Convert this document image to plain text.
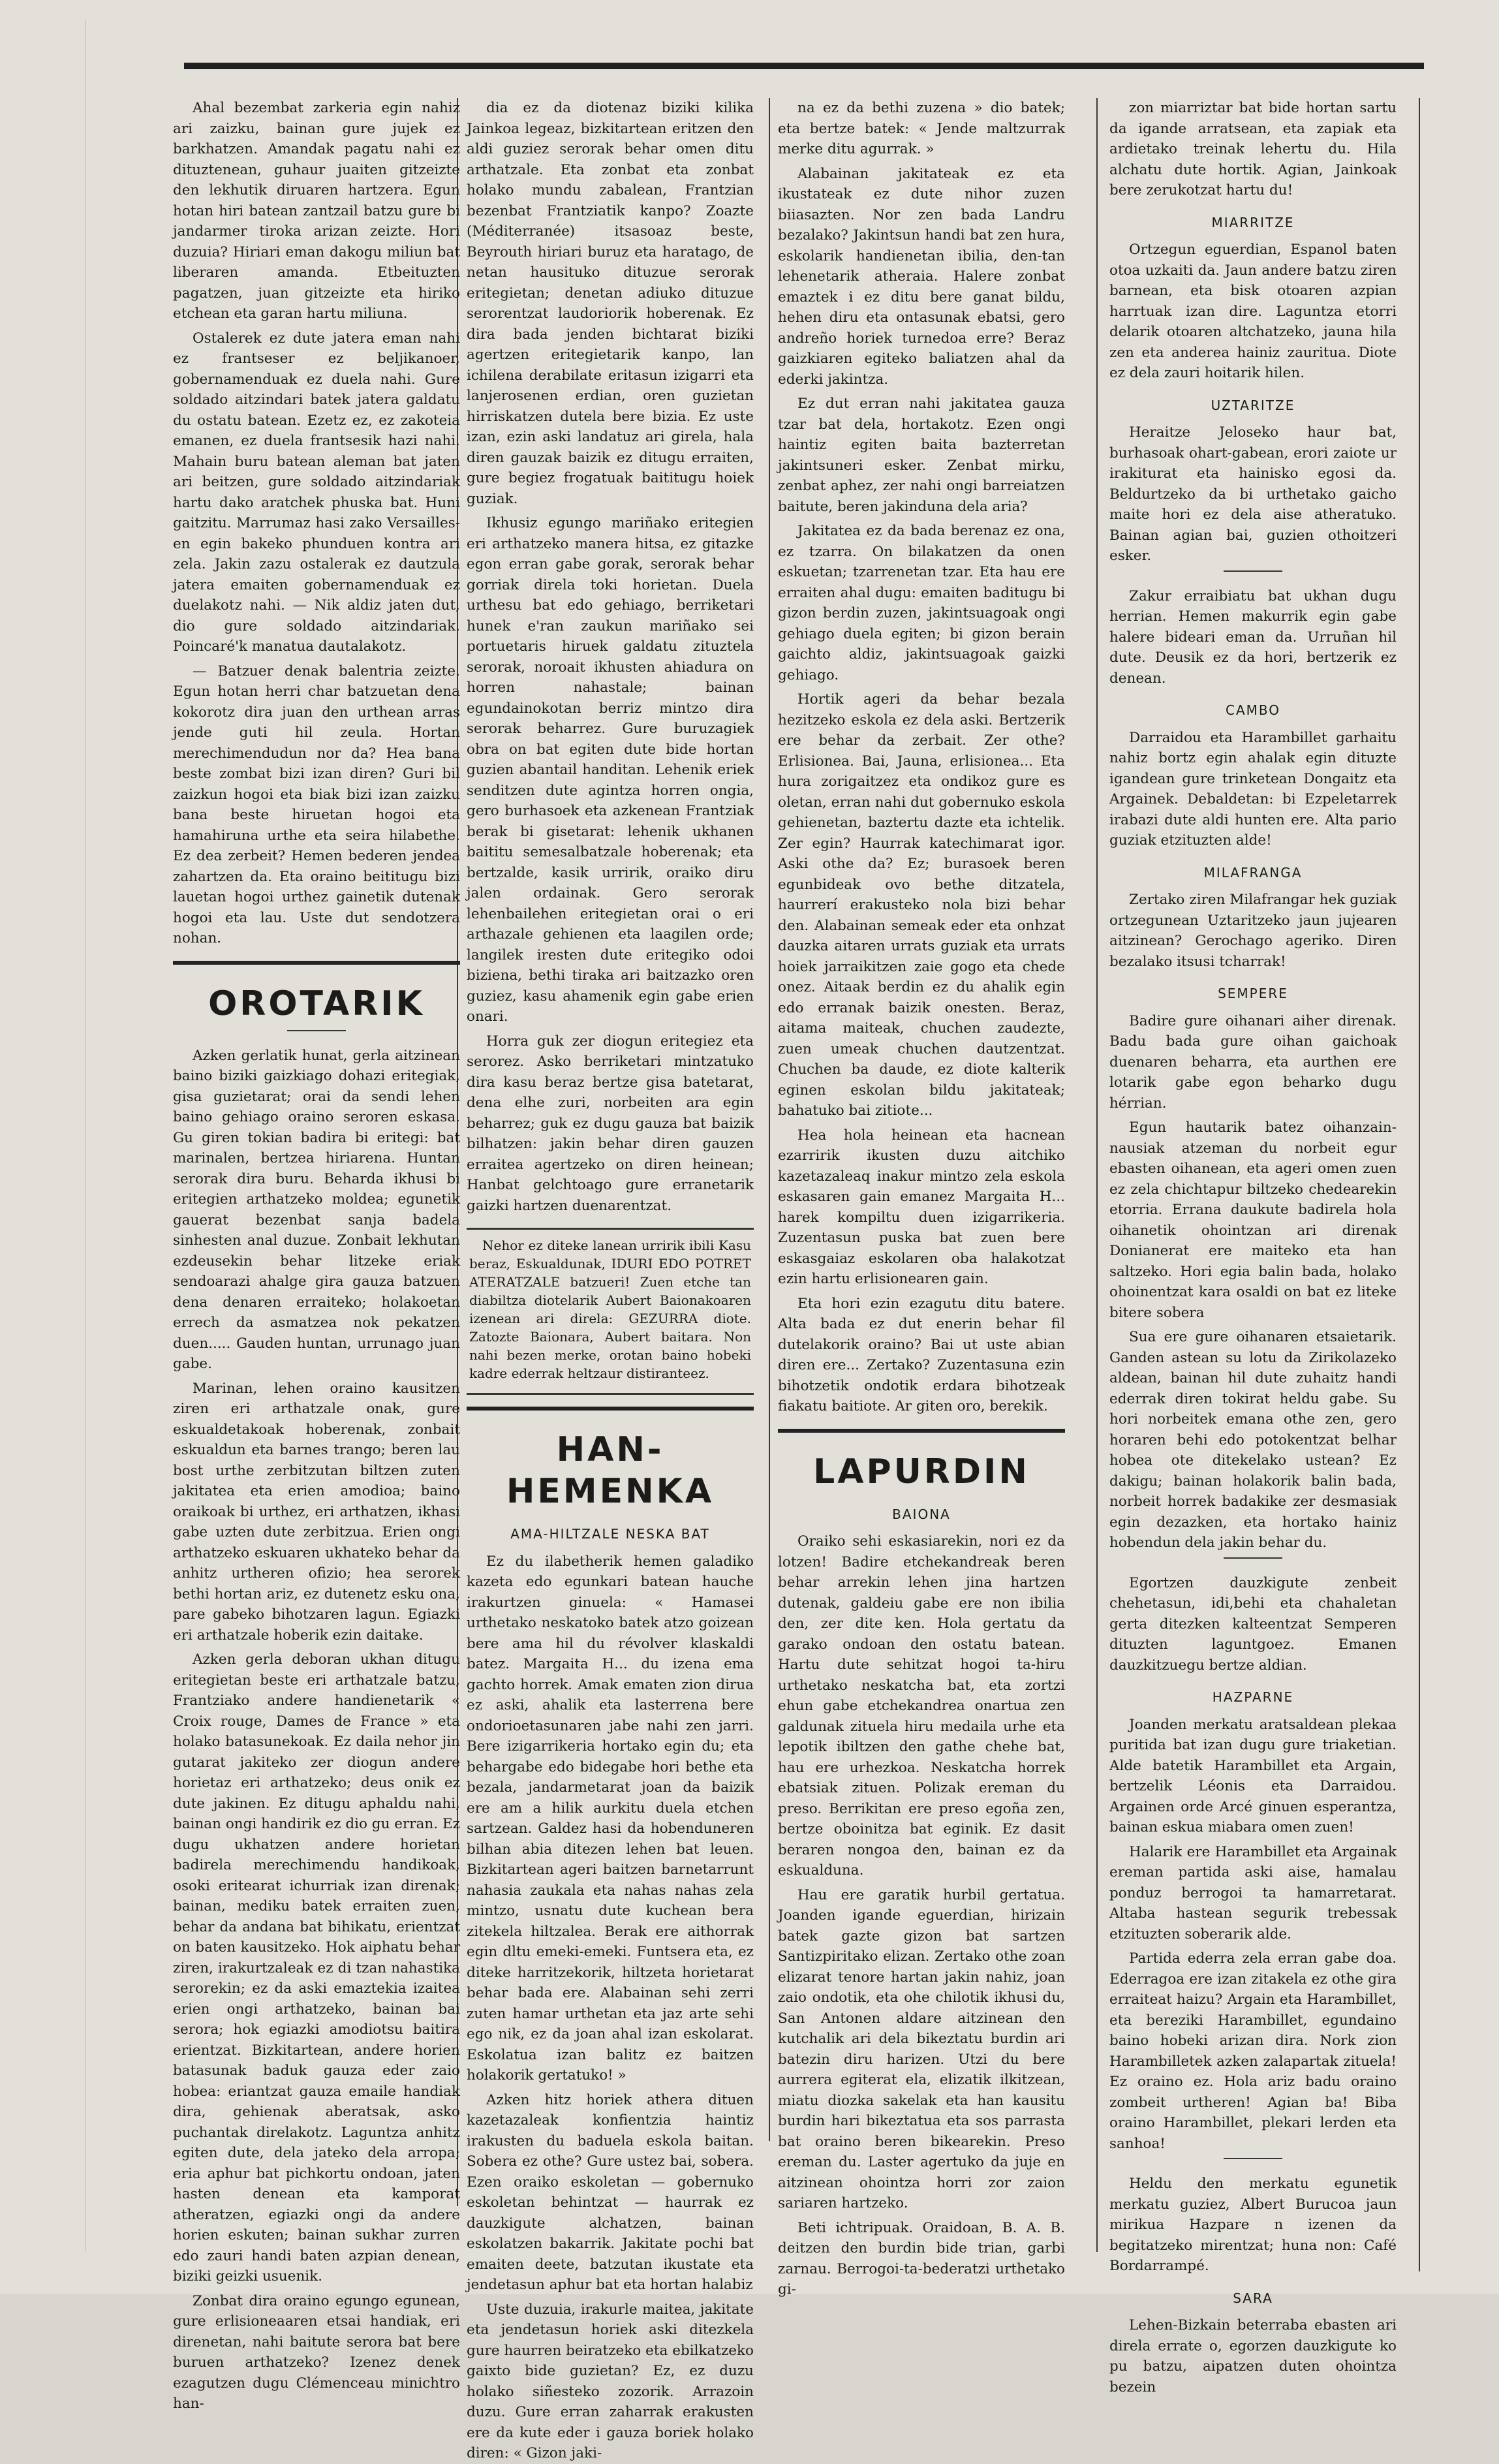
Ahal bezembat zarkeria egin nahiz ari zaizku, bainan gure jujek ez barkhatzen. Amandak pagatu nahi ez dituztenean, guhaur juaiten gitzeizte den lekhutik diruaren hartzera. Egun hotan hiri batean zantzail batzu gure bi jandarmer tiroka arizan zeizte. Hori duzuia? Hiriari eman dakogu miliun bat liberaren amanda. Etbeituzten pagatzen, juan gitzeizte eta hiriko etchean eta garan hartu miliuna.

Ostalerek ez dute jatera eman nahi ez frantseser ez beljikanoer, gobernamenduak ez duela nahi. Gure soldado aitzindari batek jatera galdatu du ostatu batean. Ezetz ez, ez zakoteia emanen, ez duela frantsesik hazi nahi. Mahain buru batean aleman bat jaten ari beitzen, gure soldado aitzindariak hartu dako aratchek phuska bat. Huni gaitzitu. Marrumaz hasi zako Versailles-en egin bakeko phunduen kontra ari zela. Jakin zazu ostalerak ez dautzula jatera emaiten gobernamenduak ez duelakotz nahi. — Nik aldiz jaten dut, dio gure soldado aitzindariak. Poincaré'k manatua dautalakotz.

— Batzuer denak balentria zeizte. Egun hotan herri char batzuetan dena kokorotz dira juan den urthean arras jende guti hil zeula. Hortan merechimendudun nor da? Hea bana beste zombat bizi izan diren? Guri bil zaizkun hogoi eta biak bizi izan zaizku bana beste hiruetan hogoi eta hamahiruna urthe eta seira hilabethe. Ez dea zerbeit? Hemen bederen jendea zahartzen da. Eta oraino beititugu bizi lauetan hogoi urthez gainetik dutenak hogoi eta lau. Uste dut sendotzera nohan.

OROTARIK

Azken gerlatik hunat, gerla aitzinean baino biziki gaizkiago dohazi eritegiak, gisa guzietarat; orai da sendi lehen baino gehiago oraino seroren eskasa. Gu giren tokian badira bi eritegi: bat marinalen, bertzea hiriarena. Huntan serorak dira buru. Beharda ikhusi bi eritegien arthatzeko moldea; egunetik gauerat bezenbat sanja badela sinhesten anal duzue. Zonbait lekhutan ezdeusekin behar litzeke eriak sendoarazi ahalge gira gauza batzuen dena denaren erraiteko; holakoetan errech da asmatzea nok pekatzen duen..... Gauden huntan, urrunago juan gabe.

Marinan, lehen oraino kausitzen ziren eri arthatzale onak, gure eskualdetakoak hoberenak, zonbait eskualdun eta barnes trango; beren lau bost urthe zerbitzutan biltzen zuten jakitatea eta erien amodioa; baino oraikoak bi urthez, eri arthatzen, ikhasi gabe uzten dute zerbitzua. Erien ongi arthatzeko eskuaren ukhateko behar da anhitz urtheren ofizio; hea serorek bethi hortan ariz, ez dutenetz esku ona, pare gabeko bihotzaren lagun. Egiazki eri arthatzale hoberik ezin daitake.

Azken gerla deboran ukhan ditugu eritegietan beste eri arthatzale batzu, Frantziako andere handienetarik « Croix rouge, Dames de France » eta holako batasunekoak. Ez daila nehor jin gutarat jakiteko zer diogun andere horietaz eri arthatzeko; deus onik ez dute jakinen. Ez ditugu aphaldu nahi, bainan ongi handirik ez dio gu erran. Ez dugu ukhatzen andere horietan badirela merechimendu handikoak, osoki eritearat ichurriak izan direnak; bainan, mediku batek erraiten zuen, behar da andana bat bihikatu, erientzat on baten kausitzeko. Hok aiphatu behar ziren, irakurtzaleak ez di tzan nahastika serorekin; ez da aski emaztekia izaitea erien ongi arthatzeko, bainan bai serora; hok egiazki amodiotsu baitira erientzat. Bizkitartean, andere horien batasunak baduk gauza eder zaio hobea: eriantzat gauza emaile handiak dira, gehienak aberatsak, asko puchantak direlakotz. Laguntza anhitz egiten dute, dela jateko dela arropa; eria aphur bat pichkortu ondoan, jaten hasten denean eta kamporat atheratzen, egiazki ongi da andere horien eskuten; bainan sukhar zurren edo zauri handi baten azpian denean, biziki geizki usuenik.

Zonbat dira oraino egungo egunean, gure erlisioneaaren etsai handiak, eri direnetan, nahi baitute serora bat bere buruen arthatzeko? Izenez denek ezagutzen dugu Clémenceau minichtro han-

dia ez da diotenaz biziki kilika Jainkoa legeaz, bizkitartean eritzen den aldi guziez serorak behar omen ditu arthatzale. Eta zonbat eta zonbat holako mundu zabalean, Frantzian bezenbat Frantziatik kanpo? Zoazte (Méditerranée) itsasoaz beste, Beyrouth hiriari buruz eta haratago, de netan hausituko dituzue serorak eritegietan; denetan adiuko dituzue serorentzat laudoriorik hoberenak. Ez dira bada jenden bichtarat biziki agertzen eritegietarik kanpo, lan ichilena derabilate eritasun izigarri eta lanjerosenen erdian, oren guzietan hirriskatzen dutela bere bizia. Ez uste izan, ezin aski landatuz ari girela, hala diren gauzak baizik ez ditugu erraiten, gure begiez frogatuak baititugu hoiek guziak.

Ikhusiz egungo mariñako eritegien eri arthatzeko manera hitsa, ez gitazke egon erran gabe gorak, serorak behar gorriak direla toki horietan. Duela urthesu bat edo gehiago, berriketari hunek e'ran zaukun mariñako sei portuetaris hiruek galdatu zituztela serorak, noroait ikhusten ahiadura on horren nahastale; bainan egundainokotan berriz mintzo dira serorak beharrez. Gure buruzagiek obra on bat egiten dute bide hortan guzien abantail handitan. Lehenik eriek senditzen dute agintza horren ongia, gero burhasoek eta azkenean Frantziak berak bi gisetarat: lehenik ukhanen baititu semesalbatzale hoberenak; eta bertzalde, kasik urririk, oraiko diru jalen ordainak. Gero serorak lehenbailehen eritegietan orai o eri arthazale gehienen eta laagilen orde; langilek iresten dute eritegiko odoi biziena, bethi tiraka ari baitzazko oren guziez, kasu ahamenik egin gabe erien onari.

Horra guk zer diogun eritegiez eta serorez. Asko berriketari mintzatuko dira kasu beraz bertze gisa batetarat, dena elhe zuri, norbeiten ara egin beharrez; guk ez dugu gauza bat baizik bilhatzen: jakin behar diren gauzen erraitea agertzeko on diren heinean; Hanbat gelchtoago gure erranetarik gaizki hartzen duenarentzat.

Nehor ez diteke lanean urririk ibili Kasu beraz, Eskualdunak, IDURI EDO POTRET ATERATZALE batzueri! Zuen etche tan diabiltza diotelarik Aubert Baionakoaren izenean ari direla: GEZURRA diote. Zatozte Baionara, Aubert baitara. Non nahi bezen merke, orotan baino hobeki kadre ederrak heltzaur distiranteez.

HAN-HEMENKA
AMA-HILTZALE NESKA BAT

Ez du ilabetherik hemen galadiko kazeta edo egunkari batean hauche irakurtzen ginuela: « Hamasei urthetako neskatoko batek atzo goizean bere ama hil du révolver klaskaldi batez. Margaita H... du izena ema gachto horrek. Amak ematen zion dirua ez aski, ahalik eta lasterrena bere ondorioetasunaren jabe nahi zen jarri. Bere izigarrikeria hortako egin du; eta behargabe edo bidegabe hori bethe eta bezala, jandarmetarat joan da baizik ere am a hilik aurkitu duela etchen sartzean. Galdez hasi da hobenduneren bilhan abia ditezen lehen bat leuen. Bizkitartean ageri baitzen barnetarrunt nahasia zaukala eta nahas nahas zela mintzo, usnatu dute kuchean bera zitekela hiltzalea. Berak ere aithorrak egin dltu emeki-emeki. Funtsera eta, ez diteke harritzekorik, hiltzeta horietarat behar bada ere. Alabainan sehi zerri zuten hamar urthetan eta jaz arte sehi ego nik, ez da joan ahal izan eskolarat. Eskolatua izan balitz ez baitzen holakorik gertatuko! »

Azken hitz horiek athera dituen kazetazaleak konfientzia haintiz irakusten du baduela eskola baitan. Sobera ez othe? Gure ustez bai, sobera. Ezen oraiko eskoletan — gobernuko eskoletan behintzat — haurrak ez dauzkigute alchatzen, bainan eskolatzen bakarrik. Jakitate pochi bat emaiten deete, batzutan ikustate eta jendetasun aphur bat eta hortan halabiz

Uste duzuia, irakurle maitea, jakitate eta jendetasun horiek aski ditezkela gure haurren beiratzeko eta ebilkatzeko gaixto bide guzietan? Ez, ez duzu holako siñesteko zozorik. Arrazoin duzu. Gure erran zaharrak erakusten ere da kute eder i gauza boriek holako diren: « Gizon jaki-

na ez da bethi zuzena » dio batek; eta bertze batek: « Jende maltzurrak merke ditu agurrak. »

Alabainan jakitateak ez eta ikustateak ez dute nihor zuzen biiasazten. Nor zen bada Landru bezalako? Jakintsun handi bat zen hura, eskolarik handienetan ibilia, den-tan lehenetarik atheraia. Halere zonbat emaztek i ez ditu bere ganat bildu, hehen diru eta ontasunak ebatsi, gero andreño horiek turnedoa erre? Beraz gaizkiaren egiteko baliatzen ahal da ederki jakintza.

Ez dut erran nahi jakitatea gauza tzar bat dela, hortakotz. Ezen ongi haintiz egiten baita bazterretan jakintsuneri esker. Zenbat mirku, zenbat aphez, zer nahi ongi barreiatzen baitute, beren jakinduna dela aria?

Jakitatea ez da bada berenaz ez ona, ez tzarra. On bilakatzen da onen eskuetan; tzarrenetan tzar. Eta hau ere erraiten ahal dugu: emaiten baditugu bi gizon berdin zuzen, jakintsuagoak ongi gehiago duela egiten; bi gizon berain gaichto aldiz, jakintsuagoak gaizki gehiago.

Hortik ageri da behar bezala hezitzeko eskola ez dela aski. Bertzerik ere behar da zerbait. Zer othe? Erlisionea. Bai, Jauna, erlisionea... Eta hura zorigaitzez eta ondikoz gure es oletan, erran nahi dut gobernuko eskola gehienetan, baztertu dazte eta ichtelik. Zer egin? Haurrak katechimarat igor. Aski othe da? Ez; burasoek beren egunbideak ovo bethe ditzatela, haurrerí erakusteko nola bizi behar den. Alabainan semeak eder eta onhzat dauzka aitaren urrats guziak eta urrats hoiek jarraikitzen zaie gogo eta chede onez. Aitaak berdin ez du ahalik egin edo erranak baizik onesten. Beraz, aitama maiteak, chuchen zaudezte, zuen umeak chuchen dautzentzat. Chuchen ba daude, ez diote kalterik eginen eskolan bildu jakitateak; bahatuko bai zitiote...

Hea hola heinean eta hacnean ezarririk ikusten duzu aitchiko kazetazaleaq inakur mintzo zela eskola eskasaren gain emanez Margaita H... harek kompiltu duen izigarrikeria. Zuzentasun puska bat zuen bere eskasgaiaz eskolaren oba halakotzat ezin hartu erlisionearen gain.

Eta hori ezin ezagutu ditu batere. Alta bada ez dut enerin behar fil dutelakorik oraino? Bai ut uste abian diren ere... Zertako? Zuzentasuna ezin bihotzetik ondotik erdara bihotzeak fiakatu baitiote. Ar giten oro, berekik.

LAPURDIN
BAIONA

Oraiko sehi eskasiarekin, nori ez da lotzen! Badire etchekandreak beren behar arrekin lehen jina hartzen dutenak, galdeiu gabe ere non ibilia den, zer dite ken. Hola gertatu da garako ondoan den ostatu batean. Hartu dute sehitzat hogoi ta-hiru urthetako neskatcha bat, eta zortzi ehun gabe etchekandrea onartua zen galdunak zituela hiru medaila urhe eta lepotik ibiltzen den gathe chehe bat, hau ere urhezkoa. Neskatcha horrek ebatsiak zituen. Polizak ereman du preso. Berrikitan ere preso egoña zen, bertze oboinitza bat eginik. Ez dasit beraren nongoa den, bainan ez da eskualduna.

Hau ere garatik hurbil gertatua. Joanden igande eguerdian, hirizain batek gazte gizon bat sartzen Santizpiritako elizan. Zertako othe zoan elizarat tenore hartan jakin nahiz, joan zaio ondotik, eta ohe chilotik ikhusi du, San Antonen aldare aitzinean den kutchalik ari dela bikeztatu burdin ari batezin diru harizen. Utzi du bere aurrera egiterat ela, elizatik ilkitzean, miatu diozka sakelak eta han kausitu burdin hari bikeztatua eta sos parrasta bat oraino beren bikearekin. Preso ereman du. Laster agertuko da juje en aitzinean ohointza horri zor zaion sariaren hartzeko.

Beti ichtripuak. Oraidoan, B. A. B. deitzen den burdin bide trian, garbi zarnau. Berrogoi-ta-bederatzi urthetako gi-

zon miarriztar bat bide hortan sartu da igande arratsean, eta zapiak eta ardietako treinak lehertu du. Hila alchatu dute hortik. Agian, Jainkoak bere zerukotzat hartu du!

MIARRITZE

Ortzegun eguerdian, Espanol baten otoa uzkaiti da. Jaun andere batzu ziren barnean, eta bisk otoaren azpian harrtuak izan dire. Laguntza etorri delarik otoaren altchatzeko, jauna hila zen eta anderea hainiz zauritua. Diote ez dela zauri hoitarik hilen.

UZTARITZE

Heraitze Jeloseko haur bat, burhasoak ohart-gabean, erori zaiote ur irakiturat eta hainisko egosi da. Beldurtzeko da bi urthetako gaicho maite hori ez dela aise atheratuko. Bainan agian bai, guzien othoitzeri esker.

Zakur erraibiatu bat ukhan dugu herrian. Hemen makurrik egin gabe halere bideari eman da. Urruñan hil dute. Deusik ez da hori, bertzerik ez denean.

CAMBO

Darraidou eta Harambillet garhaitu nahiz bortz egin ahalak egin dituzte igandean gure trinketean Dongaitz eta Argainek. Debaldetan: bi Ezpeletarrek irabazi dute aldi hunten ere. Alta pario guziak etzituzten alde!

MILAFRANGA

Zertako ziren Milafrangar hek guziak ortzegunean Uztaritzeko jaun jujearen aitzinean? Gerochago ageriko. Diren bezalako itsusi tcharrak!

SEMPERE

Badire gure oihanari aiher direnak. Badu bada gure oihan gaichoak duenaren beharra, eta aurthen ere lotarik gabe egon beharko dugu hérrian.

Egun hautarik batez oihanzain-nausiak atzeman du norbeit egur ebasten oihanean, eta ageri omen zuen ez zela chichtapur biltzeko chedearekin etorria. Errana daukute badirela hola oihanetik ohointzan ari direnak Donianerat ere maiteko eta han saltzeko. Hori egia balin bada, holako ohoinentzat kara osaldi on bat ez liteke bitere sobera

Sua ere gure oihanaren etsaietarik. Ganden astean su lotu da Zirikolazeko aldean, bainan hil dute zuhaitz handi ederrak diren tokirat heldu gabe. Su hori norbeitek emana othe zen, gero horaren behi edo potokentzat belhar hobea ote ditekelako ustean? Ez dakigu; bainan holakorik balin bada, norbeit horrek badakike zer desmasiak egin dezazken, eta hortako hainiz hobendun dela jakin behar du.

Egortzen dauzkigute zenbeit chehetasun, idi,behi eta chahaletan gerta ditezken kalteentzat Semperen dituzten laguntgoez. Emanen dauzkitzuegu bertze aldian.

HAZPARNE

Joanden merkatu aratsaldean plekaa puritida bat izan dugu gure triaketian. Alde batetik Harambillet eta Argain, bertzelik Léonis eta Darraidou. Argainen orde Arcé ginuen esperantza, bainan eskua miabara omen zuen!

Halarik ere Harambillet eta Argainak ereman partida aski aise, hamalau ponduz berrogoi ta hamarretarat. Altaba hastean segurik trebessak etzituzten soberarik alde.

Partida ederra zela erran gabe doa. Ederragoa ere izan zitakela ez othe gira erraiteat haizu? Argain eta Harambillet, eta bereziki Harambillet, egundaino baino hobeki arizan dira. Nork zion Harambilletek azken zalapartak zituela! Ez oraino ez. Hola ariz badu oraino zombeit urtheren! Agian ba! Biba oraino Harambillet, plekari lerden eta sanhoa!

Heldu den merkatu egunetik merkatu guziez, Albert Burucoa jaun mirikua Hazpare n izenen da begitatzeko mirentzat; huna non: Café Bordarrampé.

SARA

Lehen-Bizkain beterraba ebasten ari direla errate o, egorzen dauzkigute ko pu batzu, aipatzen duten ohointza bezein
